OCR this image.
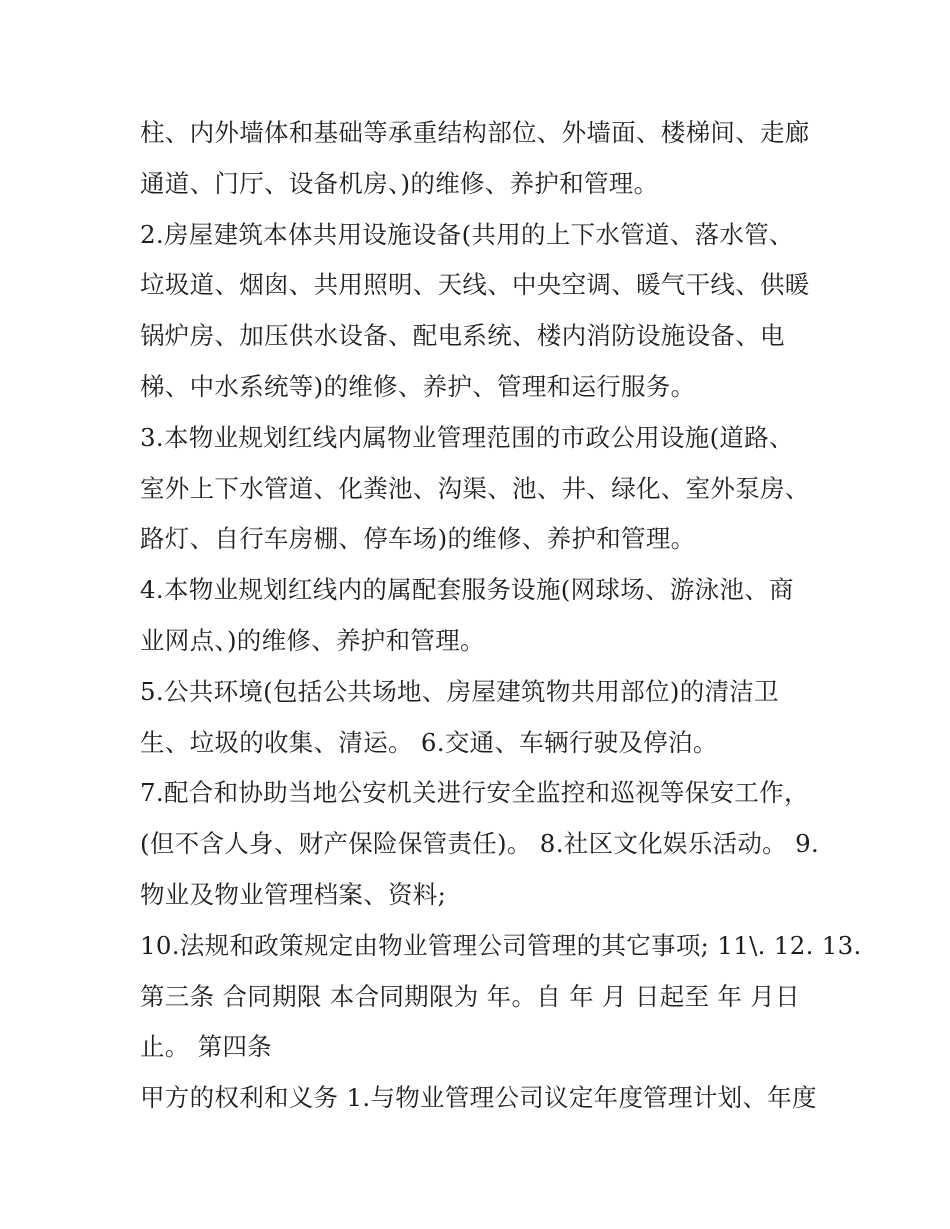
柱、内外墙体和基础等承重结构部位、外墙面、楼梯间、走廊
通道、门厅、设备机房、)的维修、养护和管理。
2.房屋建筑本体共用设施设备(共用的上下水管道、落水管、
垃圾道、烟囱、共用照明、天线、中央空调、暖气干线、供暖
锅炉房、加压供水设备、配电系统、楼内消防设施设备、电
梯、中水系统等)的维修、养护、管理和运行服务。
3.本物业规划红线内属物业管理范围的市政公用设施(道路、
室外上下水管道、化粪池、沟渠、池、井、绿化、室外泵房、
路灯、自行车房棚、停车场)的维修、养护和管理。
4.本物业规划红线内的属配套服务设施(网球场、游泳池、商
业网点、)的维修、养护和管理。
5.公共环境(包括公共场地、房屋建筑物共用部位)的清洁卫
生、垃圾的收集、清运。 6.交通、车辆行驶及停泊。
7.配合和协助当地公安机关进行安全监控和巡视等保安工作，
(但不含人身、财产保险保管责任)。 8.社区文化娱乐活动。 9.
物业及物业管理档案、资料;
10.法规和政策规定由物业管理公司管理的其它事项; 11\. 12. 13.
第三条 合同期限 本合同期限为 年。自 年 月 日起至 年 月日
止。 第四条
甲方的权利和义务 1.与物业管理公司议定年度管理计划、年度
